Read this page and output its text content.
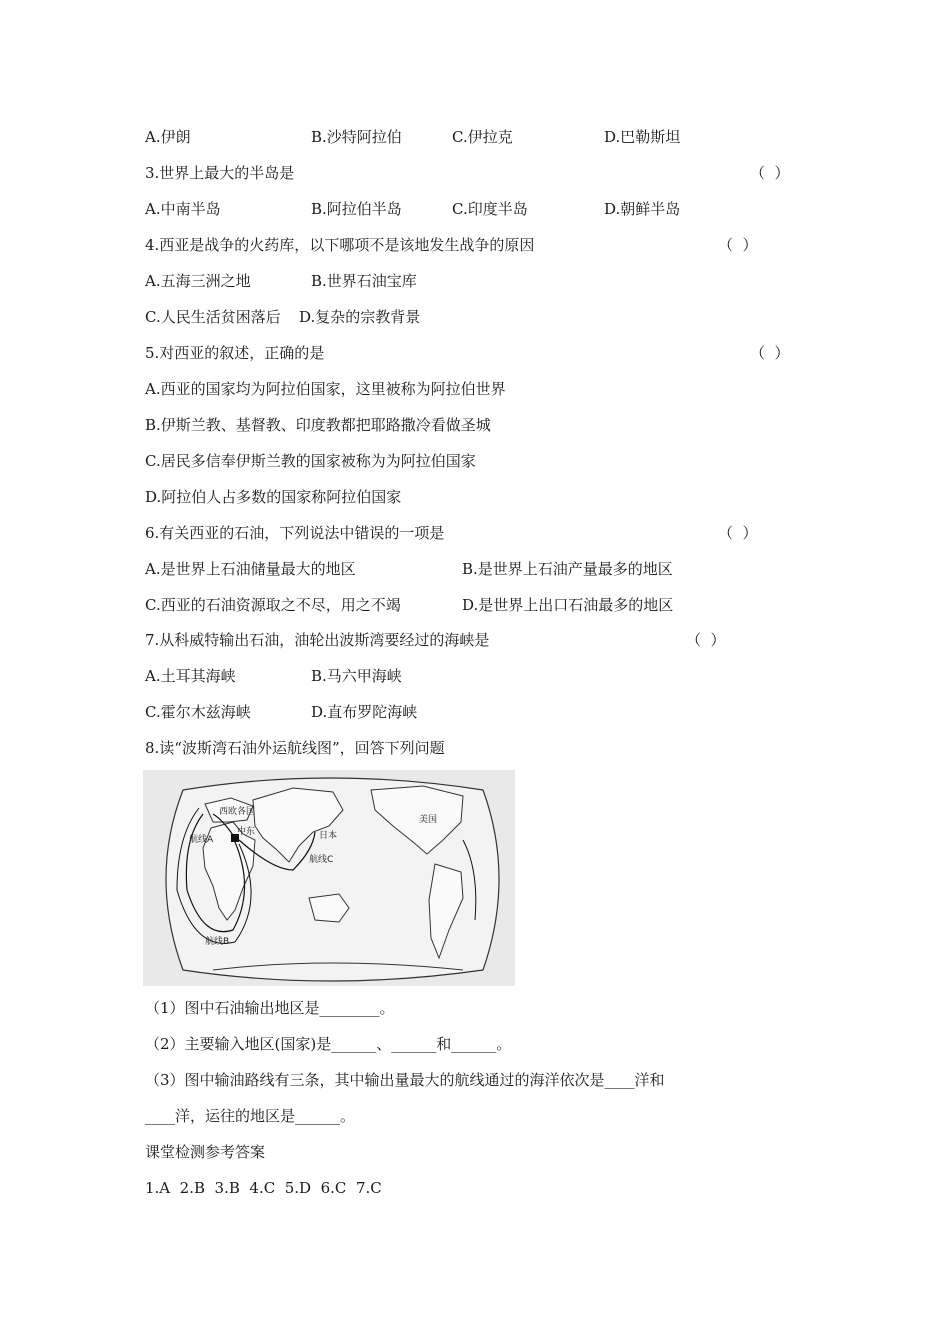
A.伊朗

	B.沙特阿拉伯

	C.伊拉克

	D.巴勒斯坦

3.世界上最大的半岛是	（  ）

A.中南半岛

	B.阿拉伯半岛

	C.印度半岛

	D.朝鲜半岛

4.西亚是战争的火药库，以下哪项不是该地发生战争的原因	（  ）

A.五海三洲之地

	B.世界石油宝库

C.人民生活贫困落后

D.复杂的宗教背景

5.对西亚的叙述，正确的是	（  ）
A.西亚的国家均为阿拉伯国家，这里被称为阿拉伯世界
B.伊斯兰教、基督教、印度教都把耶路撒冷看做圣城
C.居民多信奉伊斯兰教的国家被称为为阿拉伯国家
D.阿拉伯人占多数的国家称阿拉伯国家
6.有关西亚的石油，下列说法中错误的一项是	（  ）

A.是世界上石油储量最大的地区

	B.是世界上石油产量最多的地区

C.西亚的石油资源取之不尽，用之不竭

	D.是世界上出口石油最多的地区

7.从科威特输出石油，油轮出波斯湾要经过的海峡是	（  ）

A.土耳其海峡

	B.马六甲海峡

C.霍尔木兹海峡

	D.直布罗陀海峡

8.读“波斯湾石油外运航线图”，回答下列问题
西欧各国
中东	日本
美国
航线A
航线B
航线C
（1）图中石油输出地区是________。
（2）主要输入地区(国家)是______、______和______。
（3）图中输油路线有三条，其中输出量最大的航线通过的海洋依次是____洋和
____洋，运往的地区是______。
课堂检测参考答案
1.A  2.B  3.B  4.C  5.D  6.C  7.C
